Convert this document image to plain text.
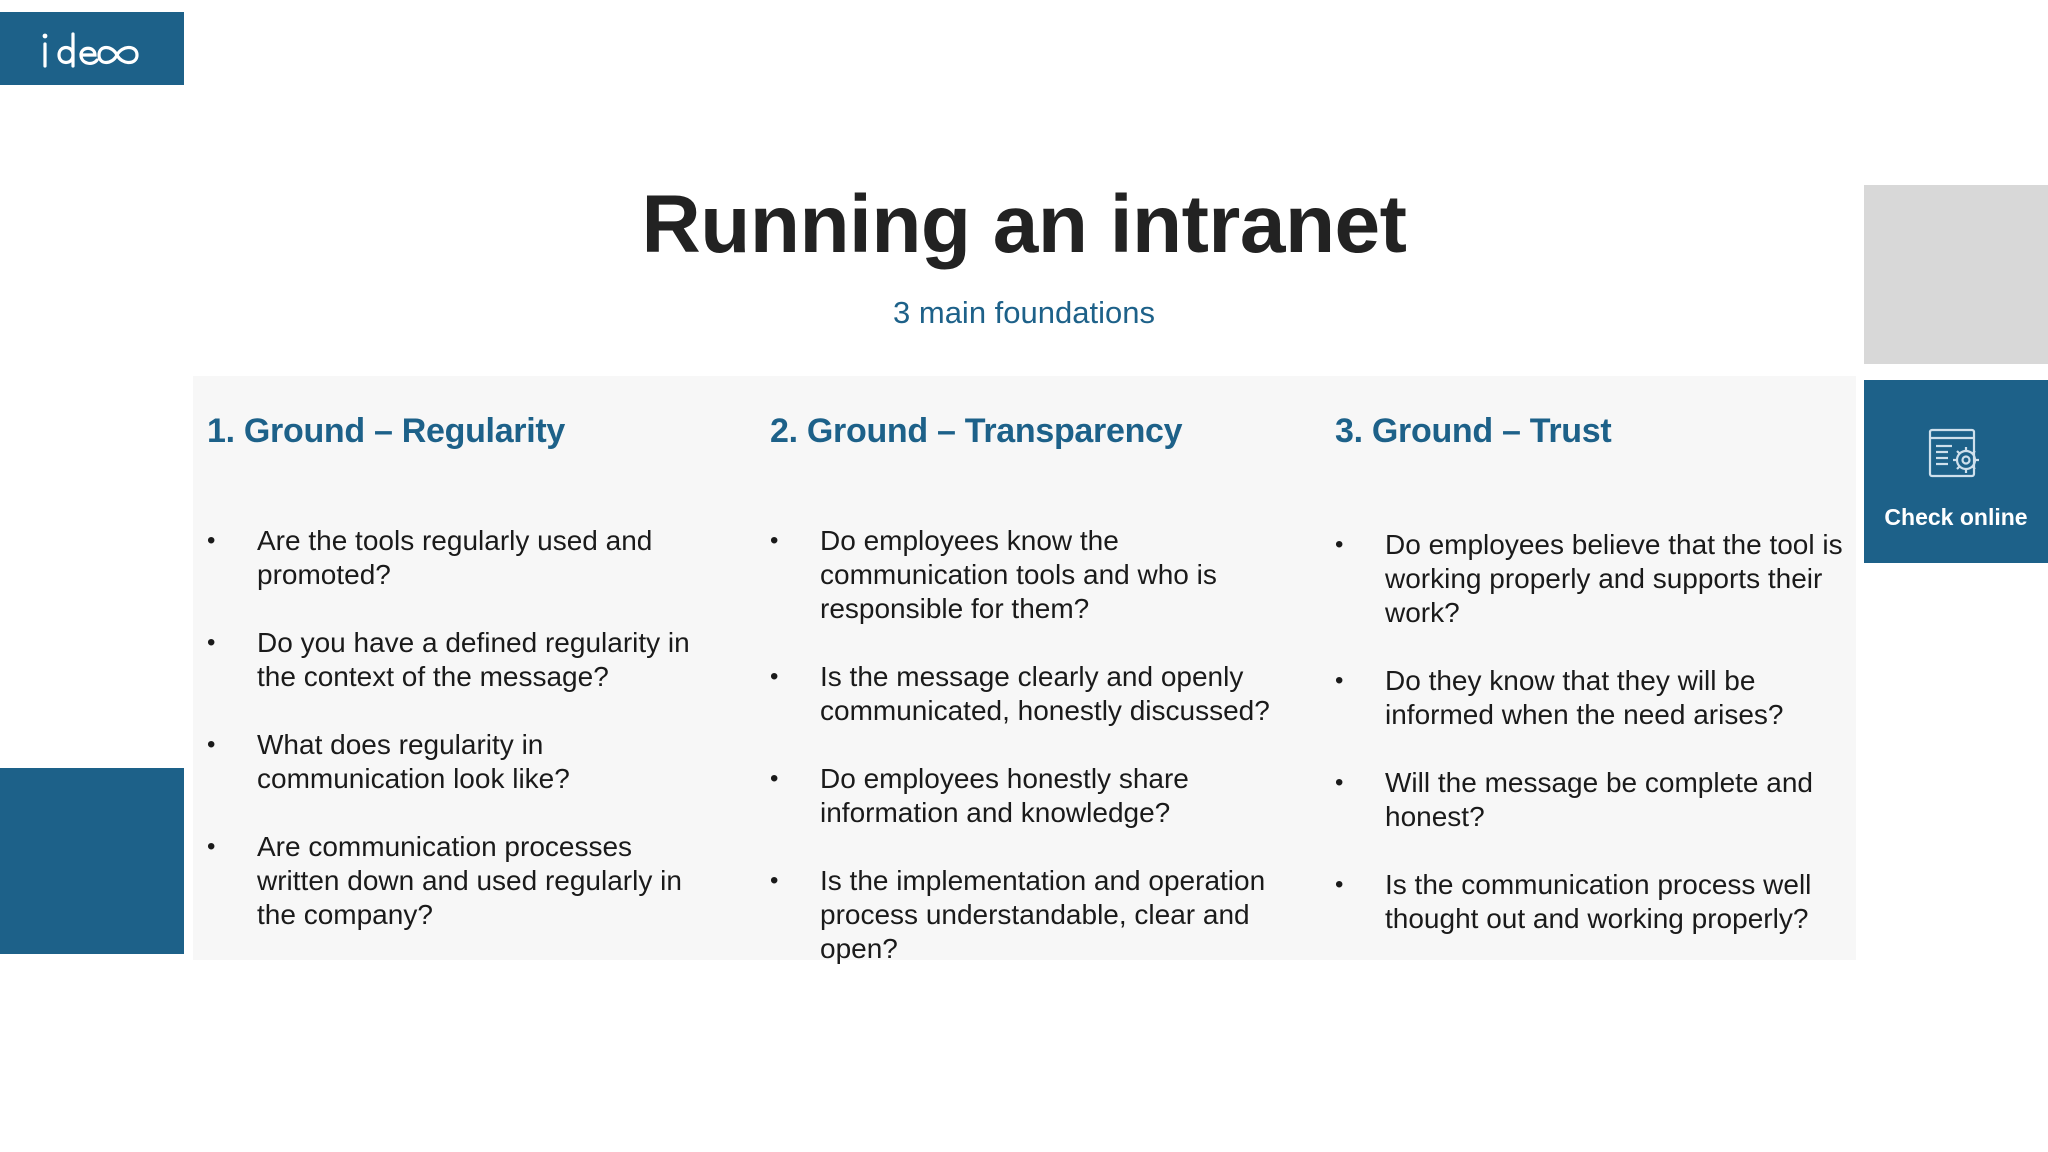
Check online
Running an intranet

3 main foundations

1. Ground – Regularity
•	Are the tools regularly used and promoted?
•	Do you have a defined regularity in the context of the message?
•	What does regularity in communication look like?
•	Are communication processes written down and used regularly in the company?
2. Ground – Transparency
•	Do employees know the communication tools and who is responsible for them?
•	Is the message clearly and openly communicated, honestly discussed?
•	Do employees honestly share information and knowledge?
•	Is the implementation and operation process understandable, clear and open?
3. Ground – Trust
•	Do employees believe that the tool is working properly and supports their work?
•	Do they know that they will be informed when the need arises?
•	Will the message be complete and honest?
•	Is the communication process well thought out and working properly?
